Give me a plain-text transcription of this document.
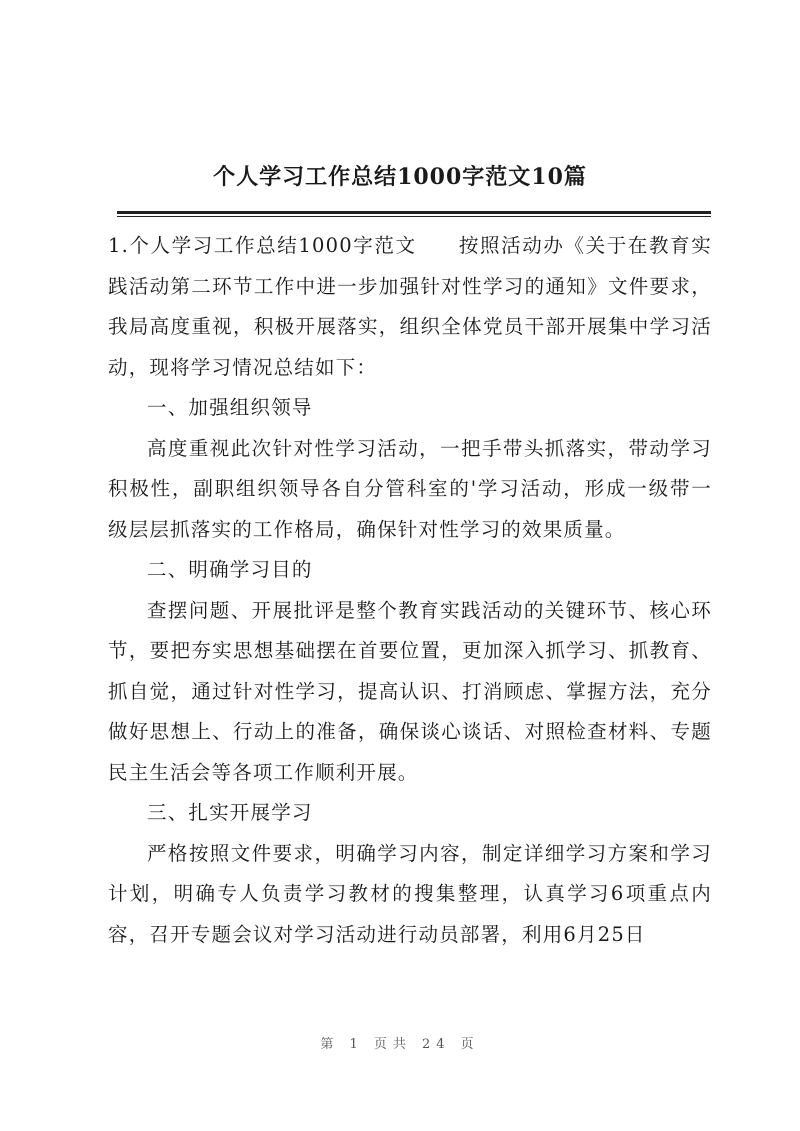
个人学习工作总结1000字范文10篇

1.个人学习工作总结1000字范文　　按照活动办《关于在教育实践活动第二环节工作中进一步加强针对性学习的通知》文件要求，我局高度重视，积极开展落实，组织全体党员干部开展集中学习活动，现将学习情况总结如下：

一、加强组织领导

高度重视此次针对性学习活动，一把手带头抓落实，带动学习积极性，副职组织领导各自分管科室的'学习活动，形成一级带一级层层抓落实的工作格局，确保针对性学习的效果质量。

二、明确学习目的

查摆问题、开展批评是整个教育实践活动的关键环节、核心环节，要把夯实思想基础摆在首要位置，更加深入抓学习、抓教育、抓自觉，通过针对性学习，提高认识、打消顾虑、掌握方法，充分做好思想上、行动上的准备，确保谈心谈话、对照检查材料、专题民主生活会等各项工作顺利开展。

三、扎实开展学习

严格按照文件要求，明确学习内容，制定详细学习方案和学习计划，明确专人负责学习教材的搜集整理，认真学习6项重点内容，召开专题会议对学习活动进行动员部署，利用6月25日

第 1 页共 24 页
